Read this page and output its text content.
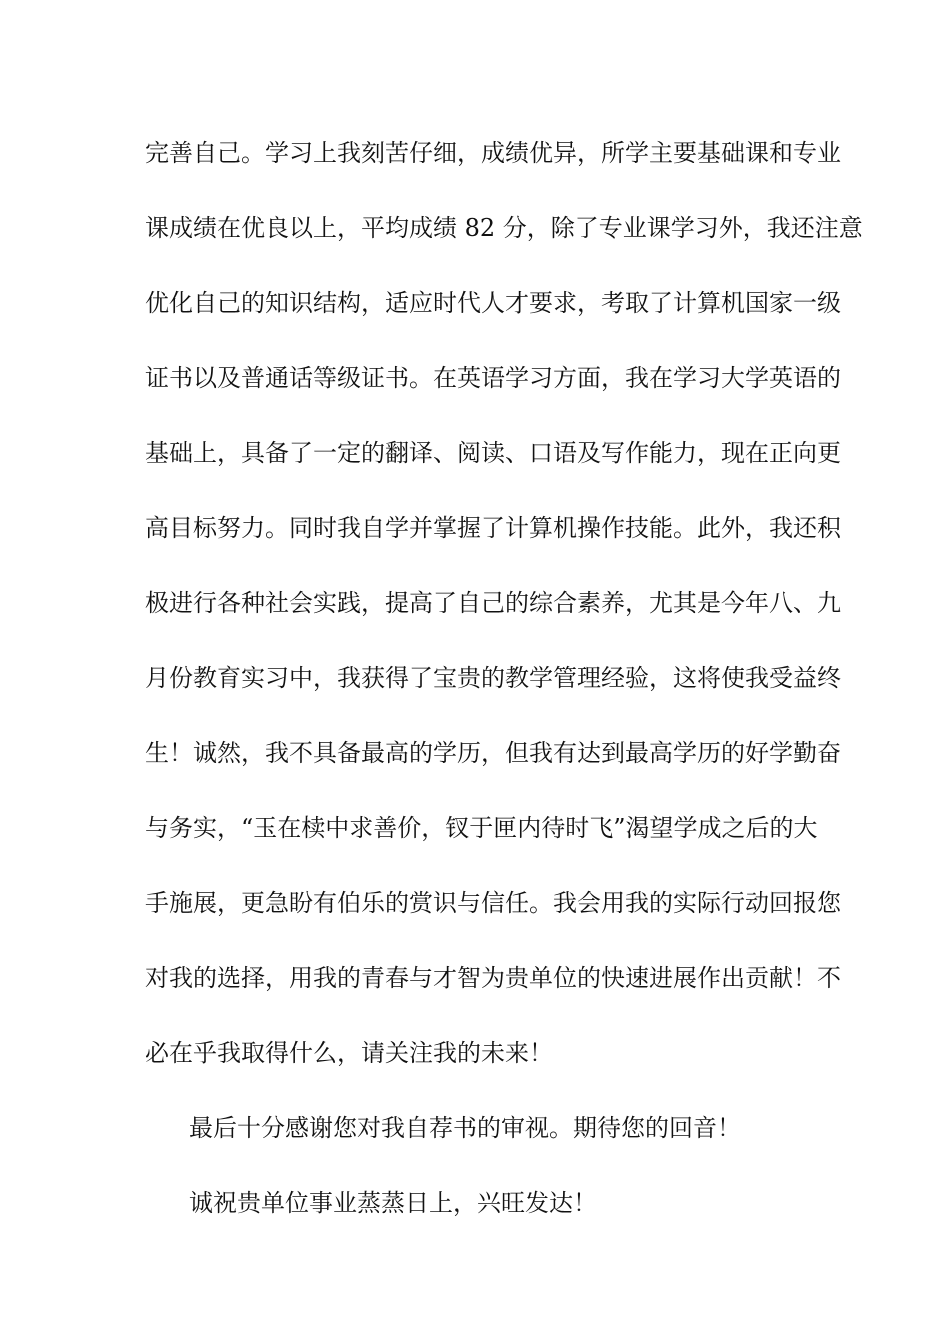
完善自己。学习上我刻苦仔细，成绩优异，所学主要基础课和专业
课成绩在优良以上，平均成绩 82 分，除了专业课学习外，我还注意
优化自己的知识结构，适应时代人才要求，考取了计算机国家一级
证书以及普通话等级证书。在英语学习方面，我在学习大学英语的
基础上，具备了一定的翻译、阅读、口语及写作能力，现在正向更
高目标努力。同时我自学并掌握了计算机操作技能。此外，我还积
极进行各种社会实践，提高了自己的综合素养，尤其是今年八、九
月份教育实习中，我获得了宝贵的教学管理经验，这将使我受益终
生！诚然，我不具备最高的学历，但我有达到最高学历的好学勤奋
与务实，“玉在椟中求善价，钗于匣内待时飞”渴望学成之后的大
手施展，更急盼有伯乐的赏识与信任。我会用我的实际行动回报您
对我的选择，用我的青春与才智为贵单位的快速进展作出贡献！不
必在乎我取得什么，请关注我的未来！
最后十分感谢您对我自荐书的审视。期待您的回音！
诚祝贵单位事业蒸蒸日上，兴旺发达！
